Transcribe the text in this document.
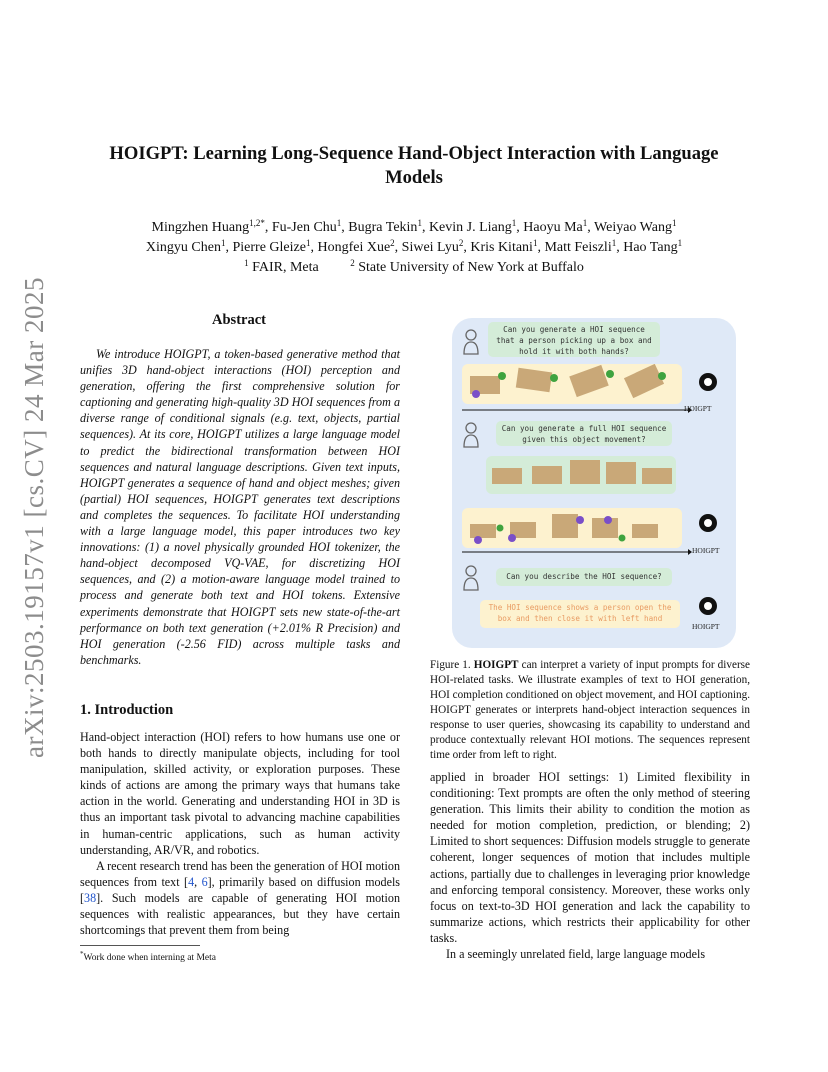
arXiv:2503.19157v1 [cs.CV] 24 Mar 2025
HOIGPT: Learning Long-Sequence Hand-Object Interaction with Language
Models
Mingzhen Huang$^{1,2*}$, Fu-Jen Chu$^1$, Bugra Tekin$^1$, Kevin J. Liang$^1$, Haoyu Ma$^1$, Weiyao Wang$^1$
Xingyu Chen$^1$, Pierre Gleize$^1$, Hongfei Xue$^2$, Siwei Lyu$^2$, Kris Kitani$^1$, Matt Feiszli$^1$, Hao Tang$^1$
$^1$ FAIR, Meta	$^2$ State University of New York at Buffalo
Abstract

We introduce HOIGPT, a token-based generative method that unifies 3D hand-object interactions (HOI) perception and generation, offering the first comprehensive solution for captioning and generating high-quality 3D HOI sequences from a diverse range of conditional signals (e.g. text, objects, partial sequences). At its core, HOIGPT utilizes a large language model to predict the bidirectional transformation between HOI sequences and natural language descriptions. Given text inputs, HOIGPT generates a sequence of hand and object meshes; given (partial) HOI sequences, HOIGPT generates text descriptions and completes the sequences. To facilitate HOI understanding with a large language model, this paper introduces two key innovations: (1) a novel physically grounded HOI tokenizer, the hand-object decomposed VQ-VAE, for discretizing HOI sequences, and (2) a motion-aware language model trained to process and generate both text and HOI tokens. Extensive experiments demonstrate that HOIGPT sets new state-of-the-art performance on both text generation (+2.01% R Precision) and HOI generation (-2.56 FID) across multiple tasks and benchmarks.

1. Introduction

Hand-object interaction (HOI) refers to how humans use one or both hands to directly manipulate objects, including for tool manipulation, skilled activity, or exploration purposes. These kinds of actions are among the primary ways that humans take action in the world. Generating and understanding HOI in 3D is thus an important task pivotal to advancing machine capabilities in human-centric applications, such as human activity understanding, AR/VR, and robotics.

A recent research trend has been the generation of HOI motion sequences from text [4, 6], primarily based on diffusion models [38]. Such models are capable of generating HOI motion sequences with realistic appearances, but they have certain shortcomings that prevent them from being

*Work done when interning at Meta
Can you generate a HOI sequence that a person picking up a box and hold it with both hands?
HOIGPT
Can you generate a full HOI sequence given this object movement?
HOIGPT
Can you describe the HOI sequence?
The HOI sequence shows a person open the box and then close it with left hand
HOIGPT
Figure 1. HOIGPT can interpret a variety of input prompts for diverse HOI-related tasks. We illustrate examples of text to HOI generation, HOI completion conditioned on object movement, and HOI captioning. HOIGPT generates or interprets hand-object interaction sequences in response to user queries, showcasing its capability to understand and produce contextually relevant HOI motions. The sequences represent time order from left to right.

applied in broader HOI settings: 1) Limited flexibility in conditioning: Text prompts are often the only method of steering generation. This limits their ability to condition the motion as needed for motion completion, prediction, or blending; 2) Limited to short sequences: Diffusion models struggle to generate coherent, longer sequences of motion that includes multiple actions, partially due to challenges in leveraging prior knowledge and enforcing temporal consistency. Moreover, these works only focus on text-to-3D HOI generation and lack the capability to summarize actions, which restricts their applicability for other tasks.

In a seemingly unrelated field, large language models
